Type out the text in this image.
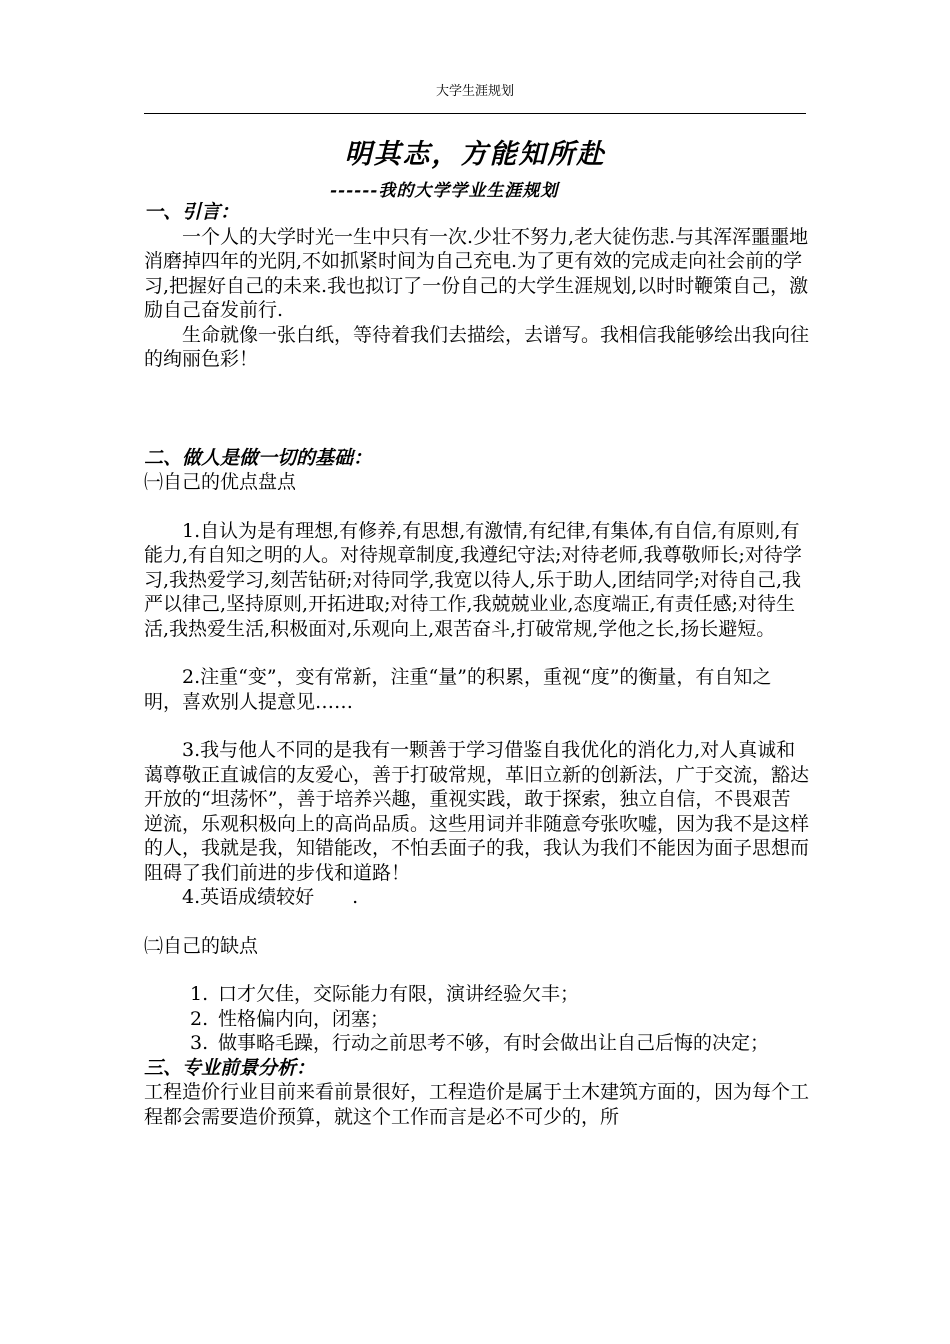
大学生涯规划
明其志，方能知所赴
------我的大学学业生涯规划

一、引言：

一个人的大学时光一生中只有一次.少壮不努力,老大徒伤悲.与其浑浑噩噩地消磨掉四年的光阴,不如抓紧时间为自己充电.为了更有效的完成走向社会前的学习,把握好自己的未来.我也拟订了一份自己的大学生涯规划,以时时鞭策自己，激励自己奋发前行.

生命就像一张白纸，等待着我们去描绘，去谱写。我相信我能够绘出我向往的绚丽色彩！

二、做人是做一切的基础：

㈠自己的优点盘点

1.自认为是有理想,有修养,有思想,有激情,有纪律,有集体,有自信,有原则,有能力,有自知之明的人。对待规章制度,我遵纪守法;对待老师,我尊敬师长;对待学习,我热爱学习,刻苦钻研;对待同学,我宽以待人,乐于助人,团结同学;对待自己,我严以律己,坚持原则,开拓进取;对待工作,我兢兢业业,态度端正,有责任感;对待生活,我热爱生活,积极面对,乐观向上,艰苦奋斗,打破常规,学他之长,扬长避短。

2.注重“变”，变有常新，注重“量”的积累，重视“度”的衡量，有自知之明，喜欢别人提意见……

3.我与他人不同的是我有一颗善于学习借鉴自我优化的消化力,对人真诚和蔼尊敬正直诚信的友爱心，善于打破常规，革旧立新的创新法，广于交流，豁达开放的“坦荡怀”，善于培养兴趣，重视实践，敢于探索，独立自信，不畏艰苦逆流，乐观积极向上的高尚品质。这些用词并非随意夸张吹嘘，因为我不是这样的人，我就是我，知错能改，不怕丢面子的我，我认为我们不能因为面子思想而阻碍了我们前进的步伐和道路！

4.英语成绩较好　　.

㈡自己的缺点

1. 口才欠佳，交际能力有限，演讲经验欠丰；
2. 性格偏内向，闭塞；
3. 做事略毛躁，行动之前思考不够，有时会做出让自己后悔的决定；

三、专业前景分析：

工程造价行业目前来看前景很好，工程造价是属于土木建筑方面的，因为每个工程都会需要造价预算，就这个工作而言是必不可少的，所
